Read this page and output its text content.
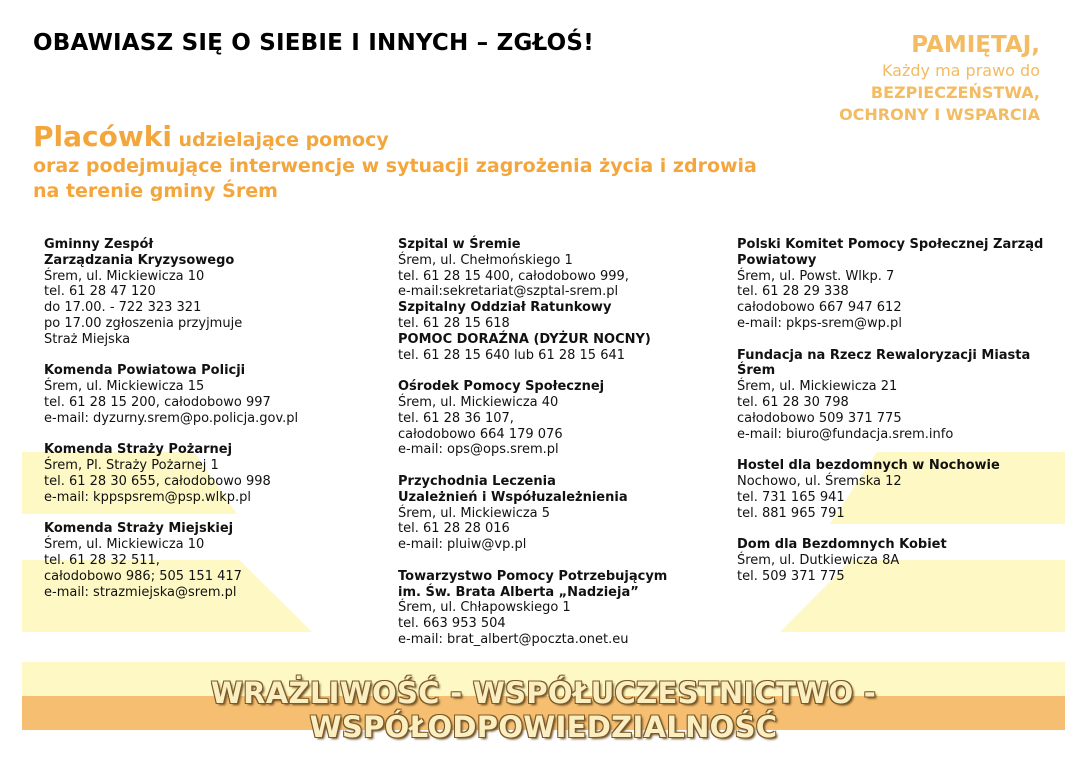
OBAWIASZ SIĘ O SIEBIE I INNYCH – ZGŁOŚ!	PAMIĘTAJ,
Każdy ma prawo do
BEZPIECZEŃSTWA,
OCHRONY I WSPARCIA
Placówki udzielające pomocy
oraz podejmujące interwencje w sytuacji zagrożenia życia i zdrowia
na terenie gminy Śrem
Gminny Zespół
Zarządzania Kryzysowego
Śrem, ul. Mickiewicza 10
tel. 61 28 47 120
do 17.00. - 722 323 321
po 17.00 zgłoszenia przyjmuje
Straż Miejska
Komenda Powiatowa Policji
Śrem, ul. Mickiewicza 15
tel. 61 28 15 200, całodobowo 997
e-mail: dyzurny.srem@po.policja.gov.pl
Komenda Straży Pożarnej
Śrem, Pl. Straży Pożarnej 1
tel. 61 28 30 655, całodobowo 998
e-mail: kppspsrem@psp.wlkp.pl
Komenda Straży Miejskiej
Śrem, ul. Mickiewicza 10
tel. 61 28 32 511,
całodobowo 986; 505 151 417
e-mail: strazmiejska@srem.pl
Szpital w Śremie
Śrem, ul. Chełmońskiego 1
tel. 61 28 15 400, całodobowo 999,
e-mail:sekretariat@szptal-srem.pl
Szpitalny Oddział Ratunkowy
tel. 61 28 15 618
POMOC DORAŹNA (DYŻUR NOCNY)
tel. 61 28 15 640 lub 61 28 15 641
Ośrodek Pomocy Społecznej
Śrem, ul. Mickiewicza 40
tel. 61 28 36 107,
całodobowo 664 179 076
e-mail: ops@ops.srem.pl
Przychodnia Leczenia
Uzależnień i Współuzależnienia
Śrem, ul. Mickiewicza 5
tel. 61 28 28 016
e-mail: pluiw@vp.pl
Towarzystwo Pomocy Potrzebującym
im. Św. Brata Alberta „Nadzieja”
Śrem, ul. Chłapowskiego 1
tel. 663 953 504
e-mail: brat_albert@poczta.onet.eu
Polski Komitet Pomocy Społecznej Zarząd
Powiatowy
Śrem, ul. Powst. Wlkp. 7
tel. 61 28 29 338
całodobowo 667 947 612
e-mail: pkps-srem@wp.pl
Fundacja na Rzecz Rewaloryzacji Miasta
Śrem
Śrem, ul. Mickiewicza 21
tel. 61 28 30 798
całodobowo 509 371 775
e-mail: biuro@fundacja.srem.info
Hostel dla bezdomnych w Nochowie
Nochowo, ul. Śremska 12
tel. 731 165 941
tel. 881 965 791
Dom dla Bezdomnych Kobiet
Śrem, ul. Dutkiewicza 8A
tel. 509 371 775
WRAŻLIWOŚĆ - WSPÓŁUCZESTNICTWO - WSPÓŁODPOWIEDZIALNOŚĆ
